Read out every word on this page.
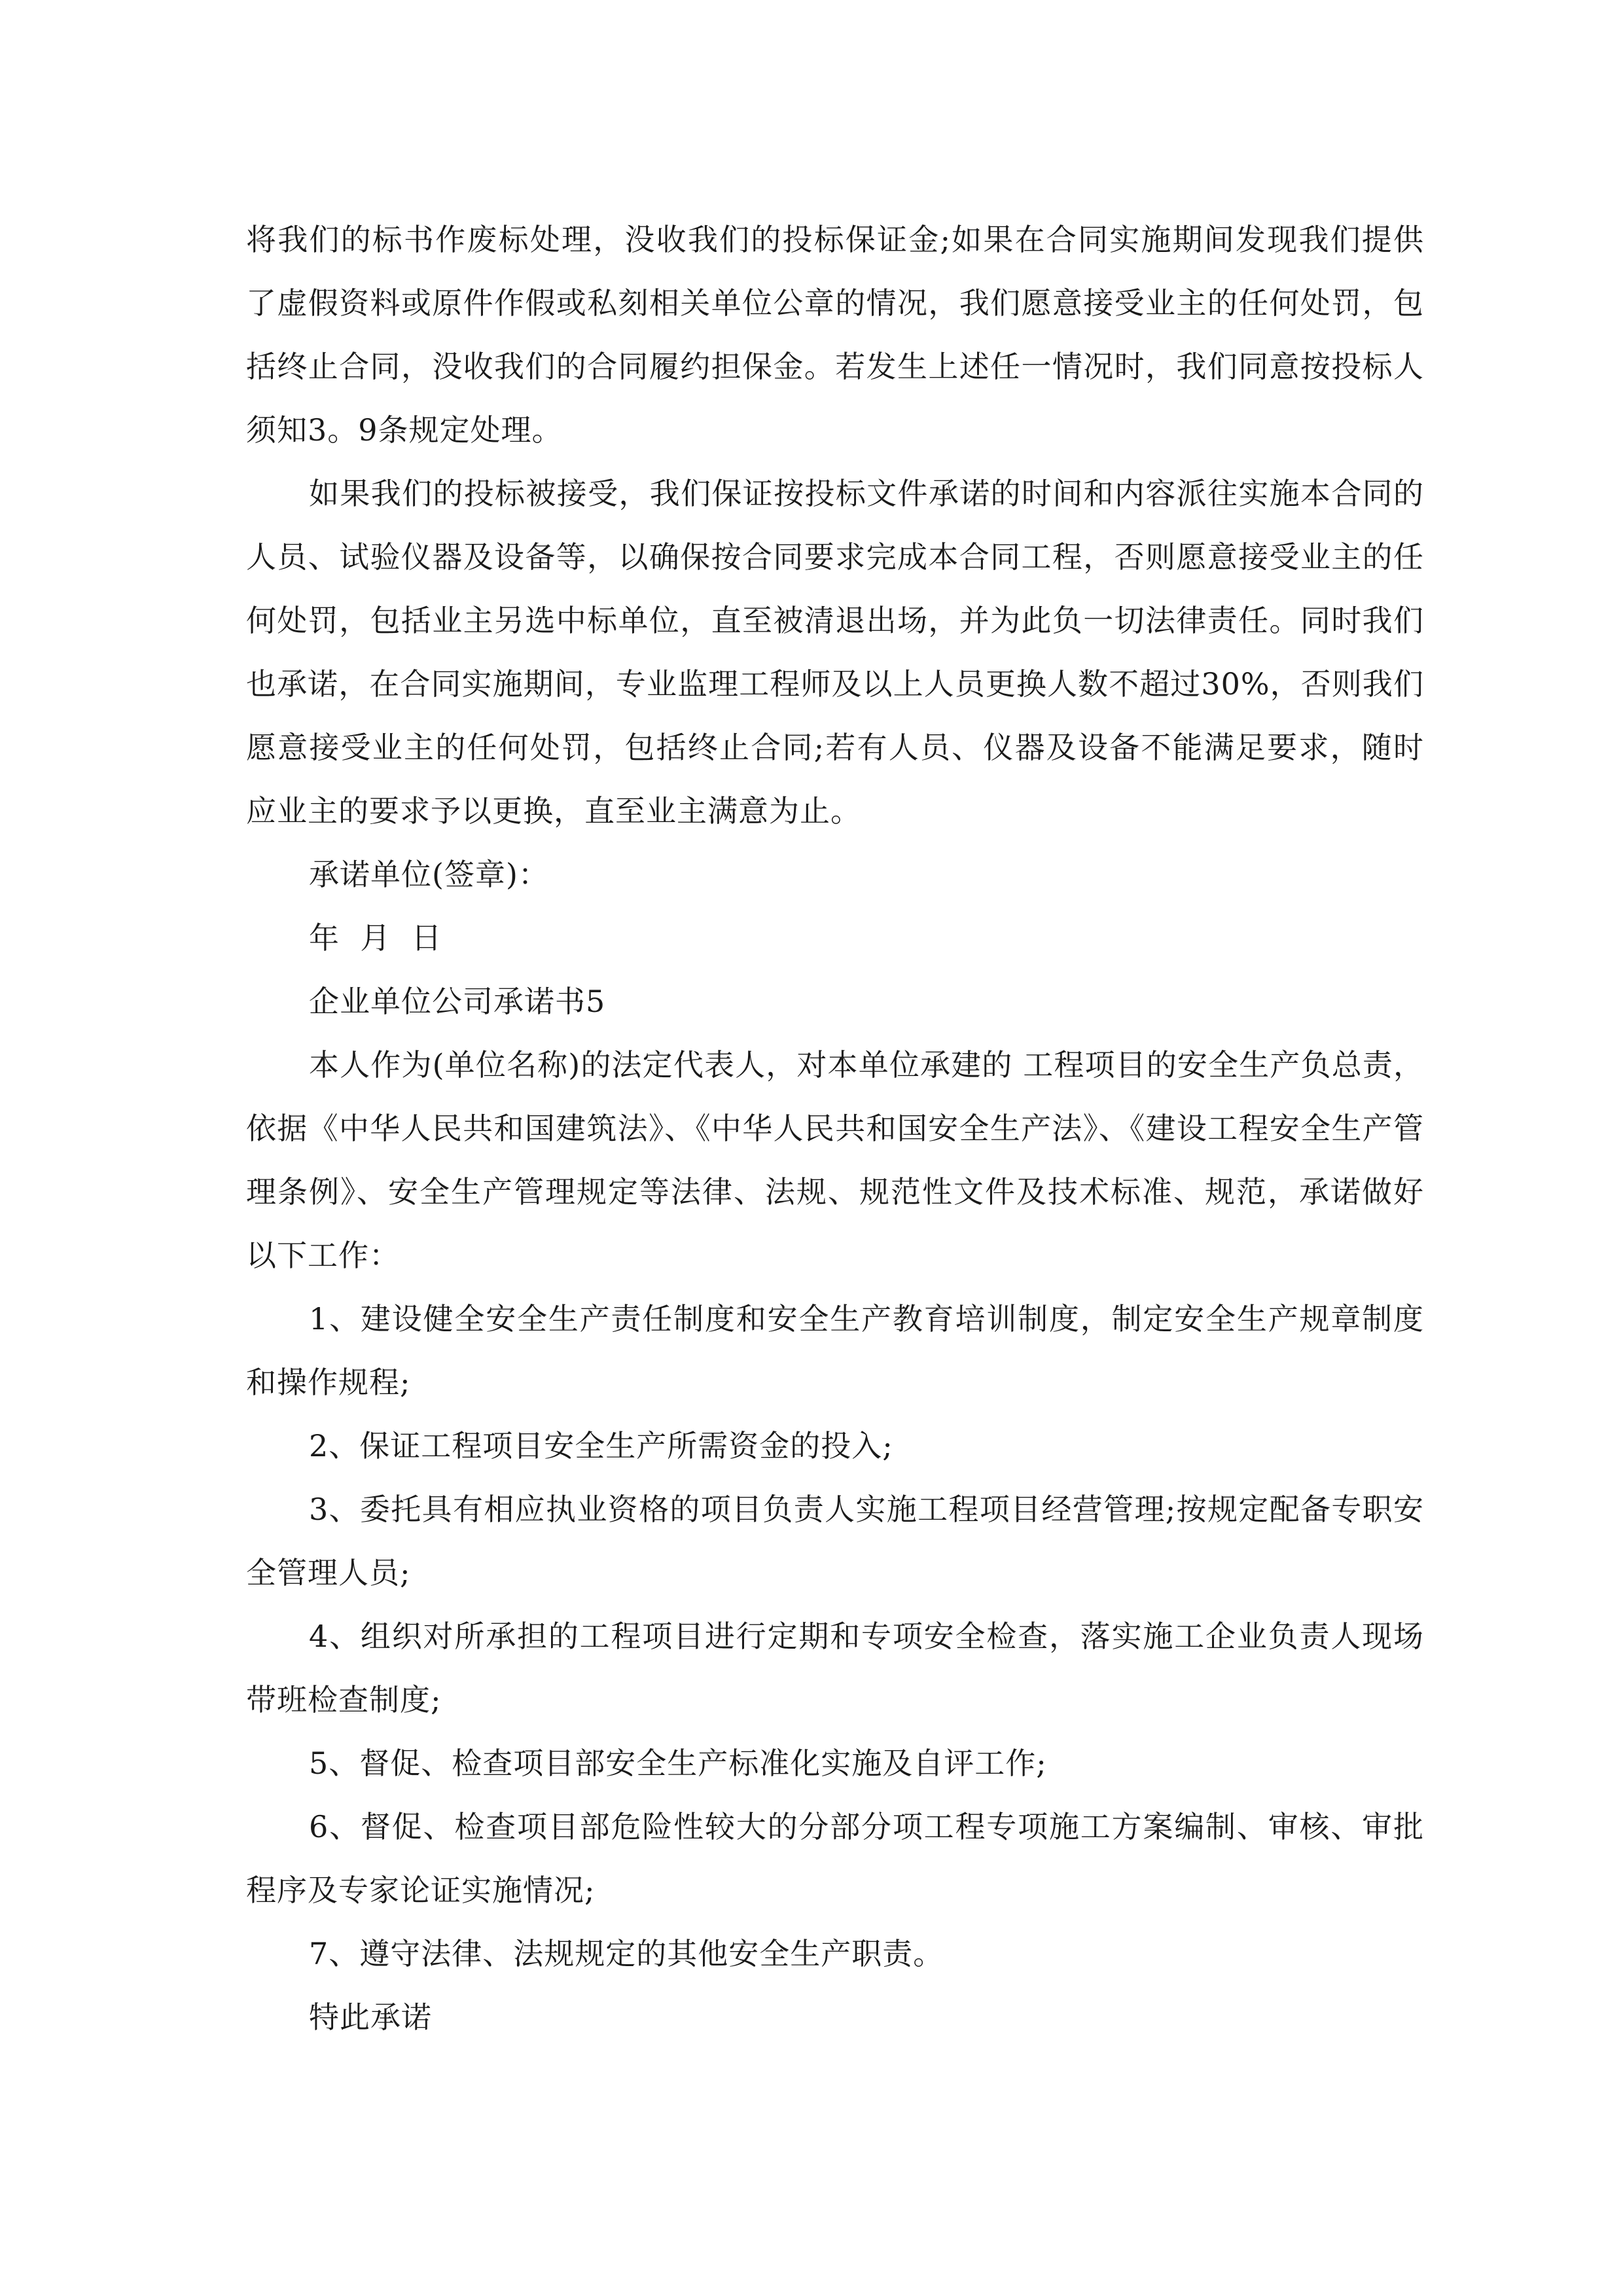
将我们的标书作废标处理，没收我们的投标保证金;如果在合同实施期间发现我们提供了虚假资料或原件作假或私刻相关单位公章的情况，我们愿意接受业主的任何处罚，包括终止合同，没收我们的合同履约担保金。若发生上述任一情况时，我们同意按投标人须知3。9条规定处理。

如果我们的投标被接受，我们保证按投标文件承诺的时间和内容派往实施本合同的人员、试验仪器及设备等，以确保按合同要求完成本合同工程，否则愿意接受业主的任何处罚，包括业主另选中标单位，直至被清退出场，并为此负一切法律责任。同时我们也承诺，在合同实施期间，专业监理工程师及以上人员更换人数不超过30%，否则我们愿意接受业主的任何处罚，包括终止合同;若有人员、仪器及设备不能满足要求，随时应业主的要求予以更换，直至业主满意为止。

承诺单位(签章)：

年  月  日

企业单位公司承诺书5

本人作为(单位名称)的法定代表人，对本单位承建的 工程项目的安全生产负总责，依据《中华人民共和国建筑法》、《中华人民共和国安全生产法》、《建设工程安全生产管理条例》、安全生产管理规定等法律、法规、规范性文件及技术标准、规范，承诺做好以下工作：

1、建设健全安全生产责任制度和安全生产教育培训制度，制定安全生产规章制度和操作规程;

2、保证工程项目安全生产所需资金的投入;

3、委托具有相应执业资格的项目负责人实施工程项目经营管理;按规定配备专职安全管理人员;

4、组织对所承担的工程项目进行定期和专项安全检查，落实施工企业负责人现场带班检查制度;

5、督促、检查项目部安全生产标准化实施及自评工作;

6、督促、检查项目部危险性较大的分部分项工程专项施工方案编制、审核、审批程序及专家论证实施情况;

7、遵守法律、法规规定的其他安全生产职责。

特此承诺
